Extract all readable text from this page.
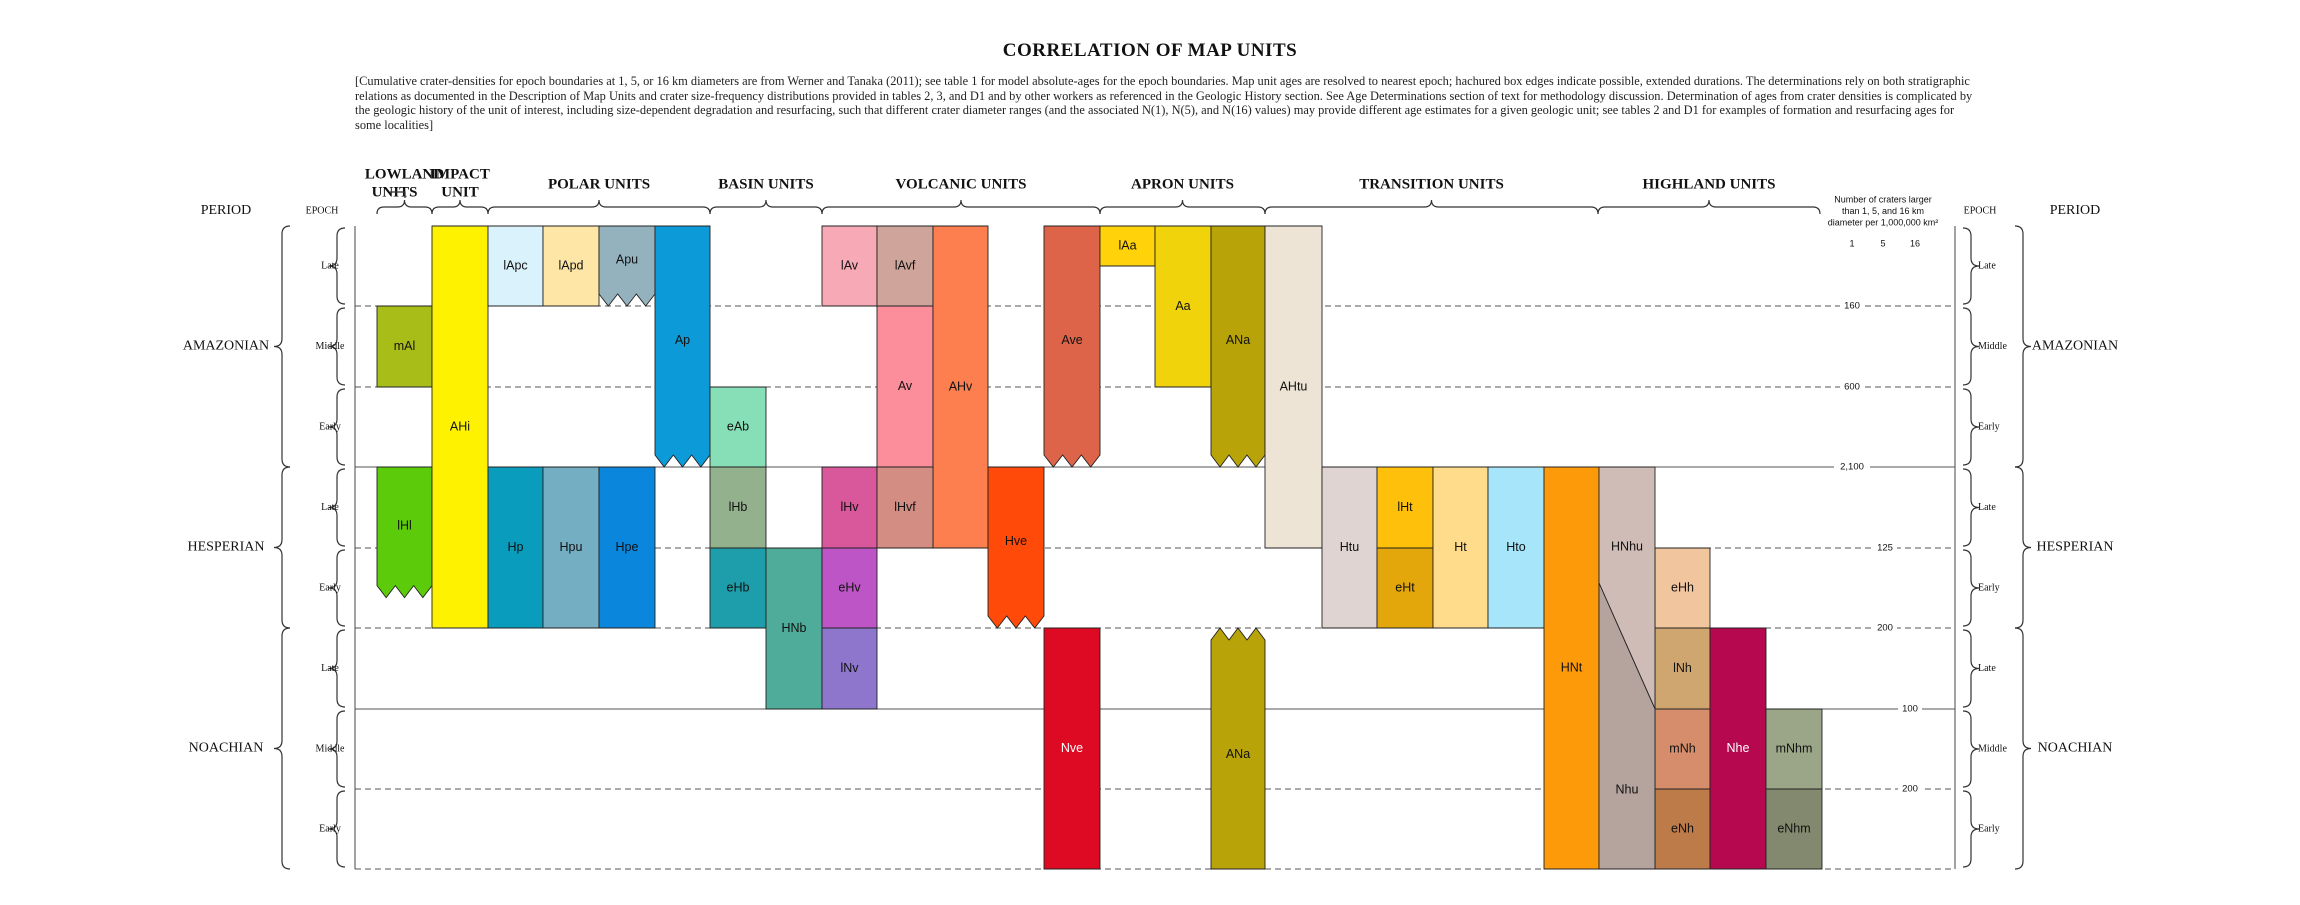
CORRELATION OF MAP UNITS
[Cumulative crater-densities for epoch boundaries at 1, 5, or 16 km diameters are from Werner and Tanaka (2011); see table 1 for model absolute-ages for the epoch boundaries. Map unit ages are resolved to nearest epoch; hachured box edges indicate possible, extended durations. The determinations rely on both stratigraphic relations as documented in the Description of Map Units and crater size-frequency distributions provided in tables 2, 3, and D1 and by other workers as referenced in the Geologic History section. See Age Determinations section of text for methodology discussion. Determination of ages from crater densities is complicated by the geologic history of the unit of interest, including size-dependent degradation and resurfacing, such that different crater diameter ranges (and the associated N(1), N(5), and N(16) values) may provide different age estimates for a given geologic unit; see tables 2 and D1 for examples of formation and resurfacing ages for some localities]
160
600
2,100
125
200
100
200
PERIOD	EPOCH	EPOCH	PERIOD
Number of craters larger
than 1, 5, and 16 km
diameter per 1,000,000 km²
1	5	16
AMAZONIAN	AMAZONIAN
Late	Late
Middle	Middle
Early	Early
HESPERIAN	HESPERIAN
Late	Late
Early	Early
NOACHIAN	NOACHIAN
Late	Late
Middle	Middle
Early	Early
LOWLAND
UNITS
IMPACT
UNIT	POLAR UNITS	BASIN UNITS	VOLCANIC UNITS	APRON UNITS	TRANSITION UNITS	HIGHLAND UNITS
mAl
lHl
AHi
lApc lApd	Apu
Ap
Hp	Hpu	Hpe
eAb
lHb
eHb
HNb
lAv	lAvf
Av	AHv
lHv	lHvf
eHv
lNv
Hve
Ave
Nve
lAa
Aa
ANa
ANa
AHtu
Htu
lHt
eHt
Ht	Hto
HNt
eHh
lNh
mNh
eNh
Nhe mNhm
eNhm
HNhu
Nhu
